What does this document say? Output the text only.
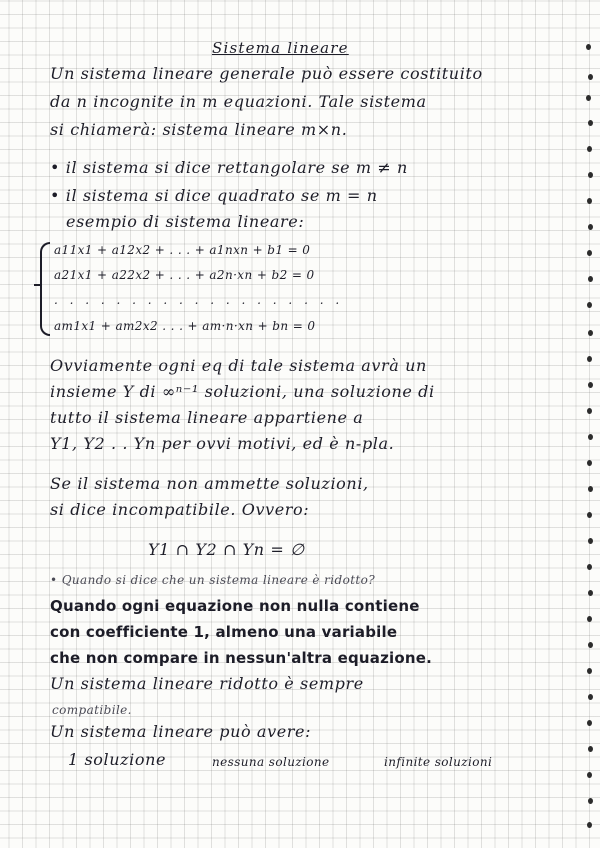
Sistema lineare
Un sistema lineare generale può essere costituito
da n incognite in m equazioni. Tale sistema
si chiamerà: sistema lineare m×n.
• il sistema si dice rettangolare se m ≠ n
• il sistema si dice quadrato se m = n
esempio di sistema lineare:
a11x1 + a12x2 + . . . + a1nxn + b1 = 0
a21x1 + a22x2 + . . . + a2n·xn + b2 = 0
. . . . . . . . . . . . . . . . . . .
am1x1 + am2x2 . . . + am·n·xn + bn = 0
Ovviamente ogni eq di tale sistema avrà un
insieme Y di ∞ⁿ⁻¹ soluzioni, una soluzione di
tutto il sistema lineare appartiene a
Y1, Y2 . . Yn per ovvi motivi, ed è n-pla.
Se il sistema non ammette soluzioni,
si dice incompatibile. Ovvero:
Y1 ∩ Y2 ∩ Yn = ∅
• Quando si dice che un sistema lineare è ridotto?
Quando ogni equazione non nulla contiene
con coefficiente 1, almeno una variabile
che non compare in nessun'altra equazione.
Un sistema lineare ridotto è sempre
compatibile.
Un sistema lineare può avere:
1 soluzione	nessuna soluzione	infinite soluzioni
